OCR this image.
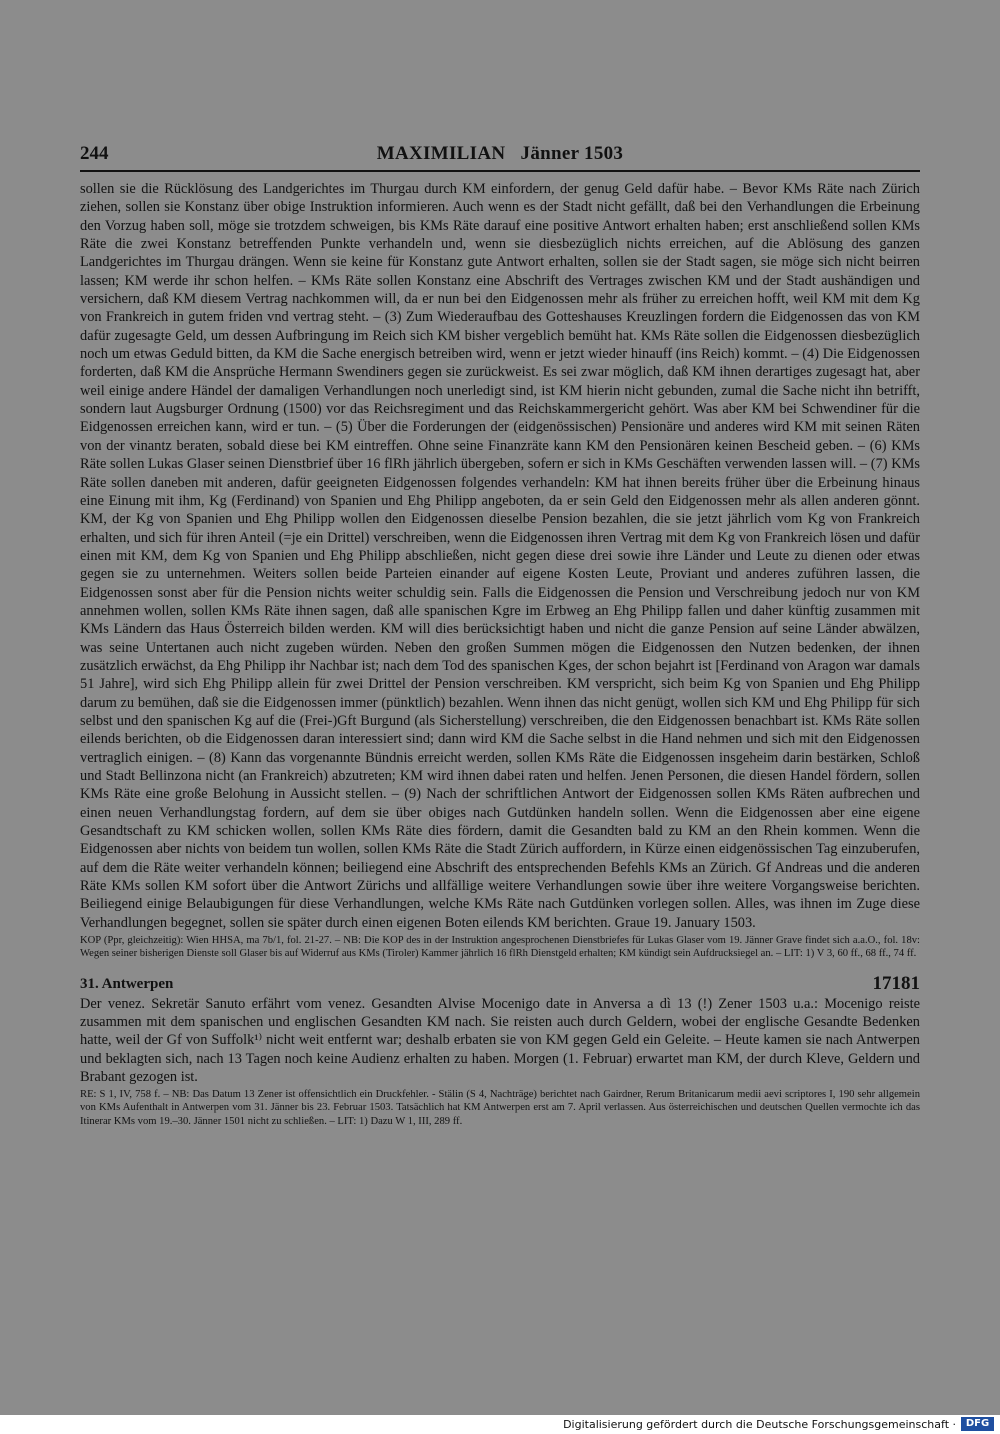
244	MAXIMILIAN   Jänner 1503

sollen sie die Rücklösung des Landgerichtes im Thurgau durch KM einfordern, der genug Geld dafür habe. – Bevor KMs Räte nach Zürich ziehen, sollen sie Konstanz über obige Instruktion informieren. Auch wenn es der Stadt nicht gefällt, daß bei den Verhandlungen die Erbeinung den Vorzug haben soll, möge sie trotzdem schweigen, bis KMs Räte darauf eine positive Antwort erhalten haben; erst anschließend sollen KMs Räte die zwei Konstanz betreffenden Punkte verhandeln und, wenn sie diesbezüglich nichts erreichen, auf die Ablösung des ganzen Landgerichtes im Thurgau drängen. Wenn sie keine für Konstanz gute Antwort erhalten, sollen sie der Stadt sagen, sie möge sich nicht beirren lassen; KM werde ihr schon helfen. – KMs Räte sollen Konstanz eine Abschrift des Vertrages zwischen KM und der Stadt aushändigen und versichern, daß KM diesem Vertrag nachkommen will, da er nun bei den Eidgenossen mehr als früher zu erreichen hofft, weil KM mit dem Kg von Frankreich in gutem friden vnd vertrag steht. – (3) Zum Wiederaufbau des Gotteshauses Kreuzlingen fordern die Eidgenossen das von KM dafür zugesagte Geld, um dessen Aufbringung im Reich sich KM bisher vergeblich bemüht hat. KMs Räte sollen die Eidgenossen diesbezüglich noch um etwas Geduld bitten, da KM die Sache energisch betreiben wird, wenn er jetzt wieder hinauff (ins Reich) kommt. – (4) Die Eidgenossen forderten, daß KM die Ansprüche Hermann Swendiners gegen sie zurückweist. Es sei zwar möglich, daß KM ihnen derartiges zugesagt hat, aber weil einige andere Händel der damaligen Verhandlungen noch unerledigt sind, ist KM hierin nicht gebunden, zumal die Sache nicht ihn betrifft, sondern laut Augsburger Ordnung (1500) vor das Reichsregiment und das Reichskammergericht gehört. Was aber KM bei Schwendiner für die Eidgenossen erreichen kann, wird er tun. – (5) Über die Forderungen der (eidgenössischen) Pensionäre und anderes wird KM mit seinen Räten von der vinantz beraten, sobald diese bei KM eintreffen. Ohne seine Finanzräte kann KM den Pensionären keinen Bescheid geben. – (6) KMs Räte sollen Lukas Glaser seinen Dienstbrief über 16 flRh jährlich übergeben, sofern er sich in KMs Geschäften verwenden lassen will. – (7) KMs Räte sollen daneben mit anderen, dafür geeigneten Eidgenossen folgendes verhandeln: KM hat ihnen bereits früher über die Erbeinung hinaus eine Einung mit ihm, Kg (Ferdinand) von Spanien und Ehg Philipp angeboten, da er sein Geld den Eidgenossen mehr als allen anderen gönnt. KM, der Kg von Spanien und Ehg Philipp wollen den Eidgenossen dieselbe Pension bezahlen, die sie jetzt jährlich vom Kg von Frankreich erhalten, und sich für ihren Anteil (=je ein Drittel) verschreiben, wenn die Eidgenossen ihren Vertrag mit dem Kg von Frankreich lösen und dafür einen mit KM, dem Kg von Spanien und Ehg Philipp abschließen, nicht gegen diese drei sowie ihre Länder und Leute zu dienen oder etwas gegen sie zu unternehmen. Weiters sollen beide Parteien einander auf eigene Kosten Leute, Proviant und anderes zuführen lassen, die Eidgenossen sonst aber für die Pension nichts weiter schuldig sein. Falls die Eidgenossen die Pension und Verschreibung jedoch nur von KM annehmen wollen, sollen KMs Räte ihnen sagen, daß alle spanischen Kgre im Erbweg an Ehg Philipp fallen und daher künftig zusammen mit KMs Ländern das Haus Österreich bilden werden. KM will dies berücksichtigt haben und nicht die ganze Pension auf seine Länder abwälzen, was seine Untertanen auch nicht zugeben würden. Neben den großen Summen mögen die Eidgenossen den Nutzen bedenken, der ihnen zusätzlich erwächst, da Ehg Philipp ihr Nachbar ist; nach dem Tod des spanischen Kges, der schon bejahrt ist [Ferdinand von Aragon war damals 51 Jahre], wird sich Ehg Philipp allein für zwei Drittel der Pension verschreiben. KM verspricht, sich beim Kg von Spanien und Ehg Philipp darum zu bemühen, daß sie die Eidgenossen immer (pünktlich) bezahlen. Wenn ihnen das nicht genügt, wollen sich KM und Ehg Philipp für sich selbst und den spanischen Kg auf die (Frei-)Gft Burgund (als Sicherstellung) verschreiben, die den Eidgenossen benachbart ist. KMs Räte sollen eilends berichten, ob die Eidgenossen daran interessiert sind; dann wird KM die Sache selbst in die Hand nehmen und sich mit den Eidgenossen vertraglich einigen. – (8) Kann das vorgenannte Bündnis erreicht werden, sollen KMs Räte die Eidgenossen insgeheim darin bestärken, Schloß und Stadt Bellinzona nicht (an Frankreich) abzutreten; KM wird ihnen dabei raten und helfen. Jenen Personen, die diesen Handel fördern, sollen KMs Räte eine große Belohung in Aussicht stellen. – (9) Nach der schriftlichen Antwort der Eidgenossen sollen KMs Räten aufbrechen und einen neuen Verhandlungstag fordern, auf dem sie über obiges nach Gutdünken handeln sollen. Wenn die Eidgenossen aber eine eigene Gesandtschaft zu KM schicken wollen, sollen KMs Räte dies fördern, damit die Gesandten bald zu KM an den Rhein kommen. Wenn die Eidgenossen aber nichts von beidem tun wollen, sollen KMs Räte die Stadt Zürich auffordern, in Kürze einen eidgenössischen Tag einzuberufen, auf dem die Räte weiter verhandeln können; beiliegend eine Abschrift des entsprechenden Befehls KMs an Zürich. Gf Andreas und die anderen Räte KMs sollen KM sofort über die Antwort Zürichs und allfällige weitere Verhandlungen sowie über ihre weitere Vorgangsweise berichten. Beiliegend einige Belaubigungen für diese Verhandlungen, welche KMs Räte nach Gutdünken vorlegen sollen. Alles, was ihnen im Zuge diese Verhandlungen begegnet, sollen sie später durch einen eigenen Boten eilends KM berichten. Graue 19. January 1503.

KOP (Ppr, gleichzeitig): Wien HHSA, ma 7b/1, fol. 21-27. – NB: Die KOP des in der Instruktion angesprochenen Dienstbriefes für Lukas Glaser vom 19. Jänner Grave findet sich a.a.O., fol. 18v: Wegen seiner bisherigen Dienste soll Glaser bis auf Widerruf aus KMs (Tiroler) Kammer jährlich 16 flRh Dienstgeld erhalten; KM kündigt sein Aufdrucksiegel an. – LIT: 1) V 3, 60 ff., 68 ff., 74 ff.

31. Antwerpen	17181

Der venez. Sekretär Sanuto erfährt vom venez. Gesandten Alvise Mocenigo date in Anversa a dì 13 (!) Zener 1503 u.a.: Mocenigo reiste zusammen mit dem spanischen und englischen Gesandten KM nach. Sie reisten auch durch Geldern, wobei der englische Gesandte Bedenken hatte, weil der Gf von Suffolk¹⁾ nicht weit entfernt war; deshalb erbaten sie von KM gegen Geld ein Geleite. – Heute kamen sie nach Antwerpen und beklagten sich, nach 13 Tagen noch keine Audienz erhalten zu haben. Morgen (1. Februar) erwartet man KM, der durch Kleve, Geldern und Brabant gezogen ist.

RE: S 1, IV, 758 f. – NB: Das Datum 13 Zener ist offensichtlich ein Druckfehler. - Stälin (S 4, Nachträge) berichtet nach Gairdner, Rerum Britanicarum medii aevi scriptores I, 190 sehr allgemein von KMs Aufenthalt in Antwerpen vom 31. Jänner bis 23. Februar 1503. Tatsächlich hat KM Antwerpen erst am 7. April verlassen. Aus österreichischen und deutschen Quellen vermochte ich das Itinerar KMs vom 19.–30. Jänner 1501 nicht zu schließen. – LIT: 1) Dazu W 1, III, 289 ff.

Digitalisierung gefördert durch die Deutsche Forschungsgemeinschaft · DFG
